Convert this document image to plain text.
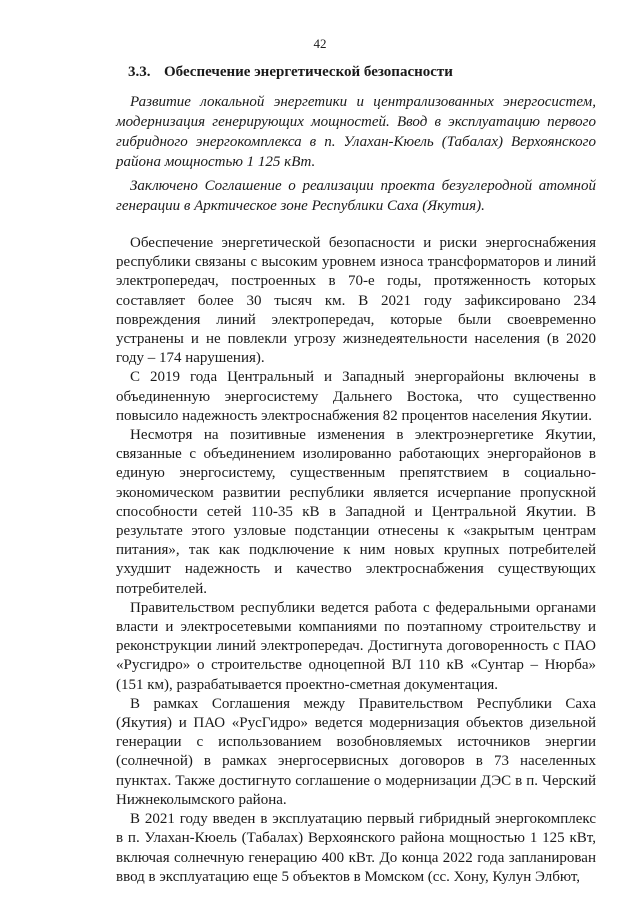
42
3.3. Обеспечение энергетической безопасности

Развитие локальной энергетики и централизованных энергосистем, модернизация генерирующих мощностей. Ввод в эксплуатацию первого гибридного энергокомплекса в п. Улахан-Кюель (Табалах) Верхоянского района мощностью 1 125 кВт.

Заключено Соглашение о реализации проекта безуглеродной атомной генерации в Арктическое зоне Республики Саха (Якутия).

Обеспечение энергетической безопасности и риски энергоснабжения республики связаны с высоким уровнем износа трансформаторов и линий электропередач, построенных в 70-е годы, протяженность которых составляет более 30 тысяч км. В 2021 году зафиксировано 234 повреждения линий электропередач, которые были своевременно устранены и не повлекли угрозу жизнедеятельности населения (в 2020 году – 174 нарушения).

С 2019 года Центральный и Западный энергорайоны включены в объединенную энергосистему Дальнего Востока, что существенно повысило надежность электроснабжения 82 процентов населения Якутии.

Несмотря на позитивные изменения в электроэнергетике Якутии, связанные с объединением изолированно работающих энергорайонов в единую энергосистему, существенным препятствием в социально-экономическом развитии республики является исчерпание пропускной способности сетей 110-35 кВ в Западной и Центральной Якутии. В результате этого узловые подстанции отнесены к «закрытым центрам питания», так как подключение к ним новых крупных потребителей ухудшит надежность и качество электроснабжения существующих потребителей.

Правительством республики ведется работа с федеральными органами власти и электросетевыми компаниями по поэтапному строительству и реконструкции линий электропередач. Достигнута договоренность с ПАО «Русгидро» о строительстве одноцепной ВЛ 110 кВ «Сунтар – Нюрба» (151 км), разрабатывается проектно-сметная документация.

В рамках Соглашения между Правительством Республики Саха (Якутия) и ПАО «РусГидро» ведется модернизация объектов дизельной генерации с использованием возобновляемых источников энергии (солнечной) в рамках энергосервисных договоров в 73 населенных пунктах. Также достигнуто соглашение о модернизации ДЭС в п. Черский Нижнеколымского района.

В 2021 году введен в эксплуатацию первый гибридный энергокомплекс в п. Улахан-Кюель (Табалах) Верхоянского района мощностью 1 125 кВт, включая солнечную генерацию 400 кВт. До конца 2022 года запланирован ввод в эксплуатацию еще 5 объектов в Момском (сс. Хону, Кулун Элбют,
